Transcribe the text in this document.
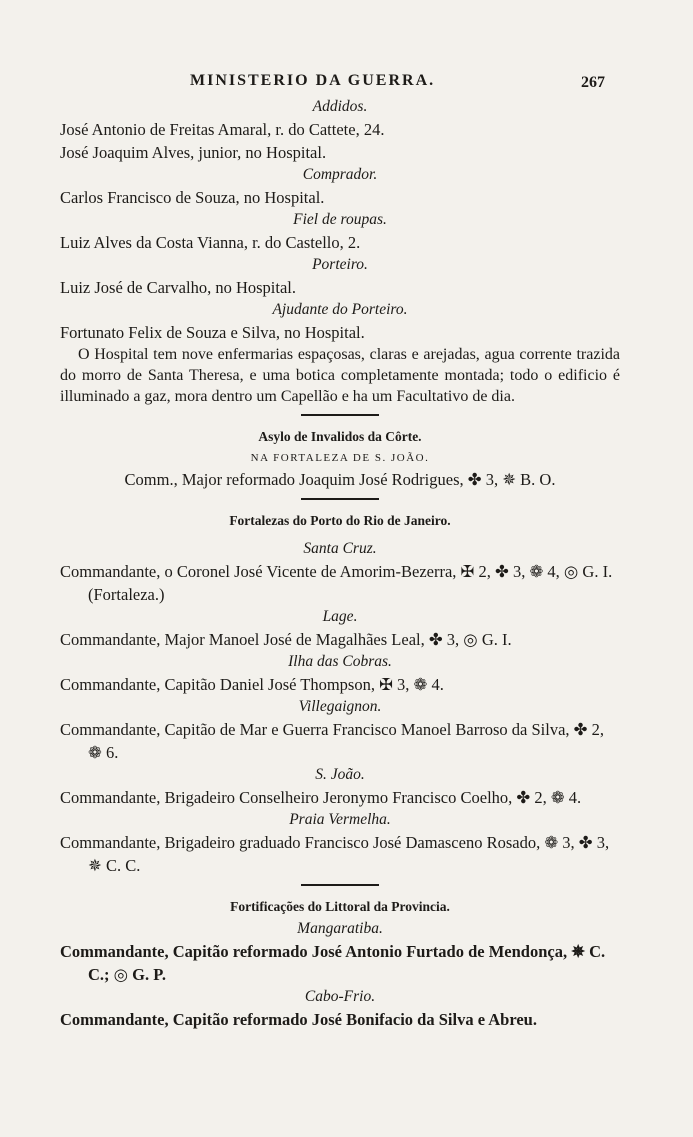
MINISTERIO DA GUERRA.	267
Addidos.
José Antonio de Freitas Amaral, r. do Cattete, 24.
José Joaquim Alves, junior, no Hospital.
Comprador.
Carlos Francisco de Souza, no Hospital.
Fiel de roupas.
Luiz Alves da Costa Vianna, r. do Castello, 2.
Porteiro.
Luiz José de Carvalho, no Hospital.
Ajudante do Porteiro.
Fortunato Felix de Souza e Silva, no Hospital.
O Hospital tem nove enfermarias espaçosas, claras e arejadas, agua corrente trazida do morro de Santa Theresa, e uma botica completamente montada; todo o edificio é illuminado a gaz, mora dentro um Capellão e ha um Facultativo de dia.
Asylo de Invalidos da Côrte.
NA FORTALEZA DE S. JOÃO.
Comm., Major reformado Joaquim José Rodrigues, ✤ 3, ✵ B. O.
Fortalezas do Porto do Rio de Janeiro.
Santa Cruz.
Commandante, o Coronel José Vicente de Amorim-Bezerra, ✠ 2, ✤ 3, ❁ 4, ◎ G. I. (Fortaleza.)
Lage.
Commandante, Major Manoel José de Magalhães Leal, ✤ 3, ◎ G. I.
Ilha das Cobras.
Commandante, Capitão Daniel José Thompson, ✠ 3, ❁ 4.
Villegaignon.
Commandante, Capitão de Mar e Guerra Francisco Manoel Barroso da Silva, ✤ 2, ❁ 6.
S. João.
Commandante, Brigadeiro Conselheiro Jeronymo Francisco Coelho, ✤ 2, ❁ 4.
Praia Vermelha.
Commandante, Brigadeiro graduado Francisco José Damasceno Rosado, ❁ 3, ✤ 3, ✵ C. C.
Fortificações do Littoral da Provincia.
Mangaratiba.
Commandante, Capitão reformado José Antonio Furtado de Mendonça, ✵ C. C.; ◎ G. P.
Cabo-Frio.
Commandante, Capitão reformado José Bonifacio da Silva e Abreu.
